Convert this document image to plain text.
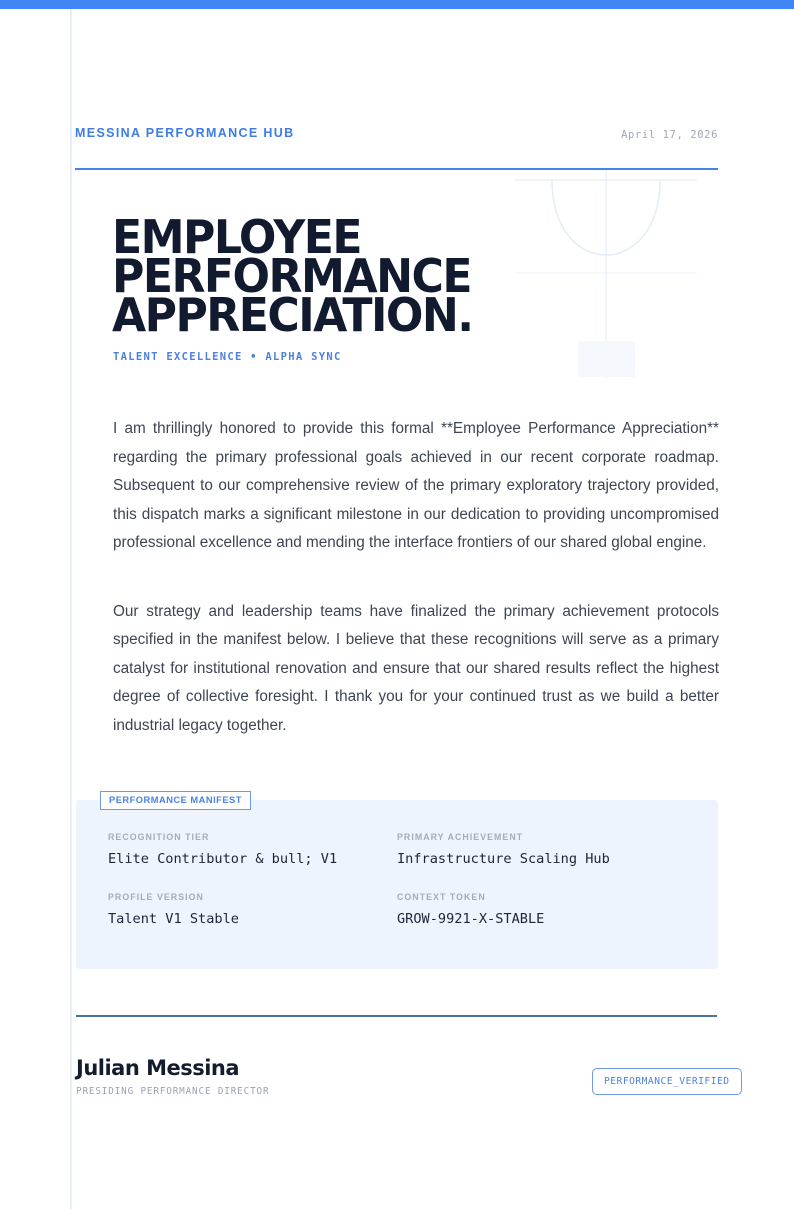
MESSINA PERFORMANCE HUB	April 17, 2026
EMPLOYEE
PERFORMANCE
APPRECIATION.
TALENT EXCELLENCE • ALPHA SYNC

I am thrillingly honored to provide this formal **Employee Performance Appreciation** regarding the primary professional goals achieved in our recent corporate roadmap. Subsequent to our comprehensive review of the primary exploratory trajectory provided, this dispatch marks a significant milestone in our dedication to providing uncompromised professional excellence and mending the interface frontiers of our shared global engine.

Our strategy and leadership teams have finalized the primary achievement protocols specified in the manifest below. I believe that these recognitions will serve as a primary catalyst for institutional renovation and ensure that our shared results reflect the highest degree of collective foresight. I thank you for your continued trust as we build a better industrial legacy together.

RECOGNITION TIER
Elite Contributor & bull; V1
PRIMARY ACHIEVEMENT
Infrastructure Scaling Hub
PROFILE VERSION
Talent V1 Stable
CONTEXT TOKEN
GROW-9921-X-STABLE
PERFORMANCE MANIFEST
Julian Messina
PRESIDING PERFORMANCE DIRECTOR
PERFORMANCE_VERIFIED
